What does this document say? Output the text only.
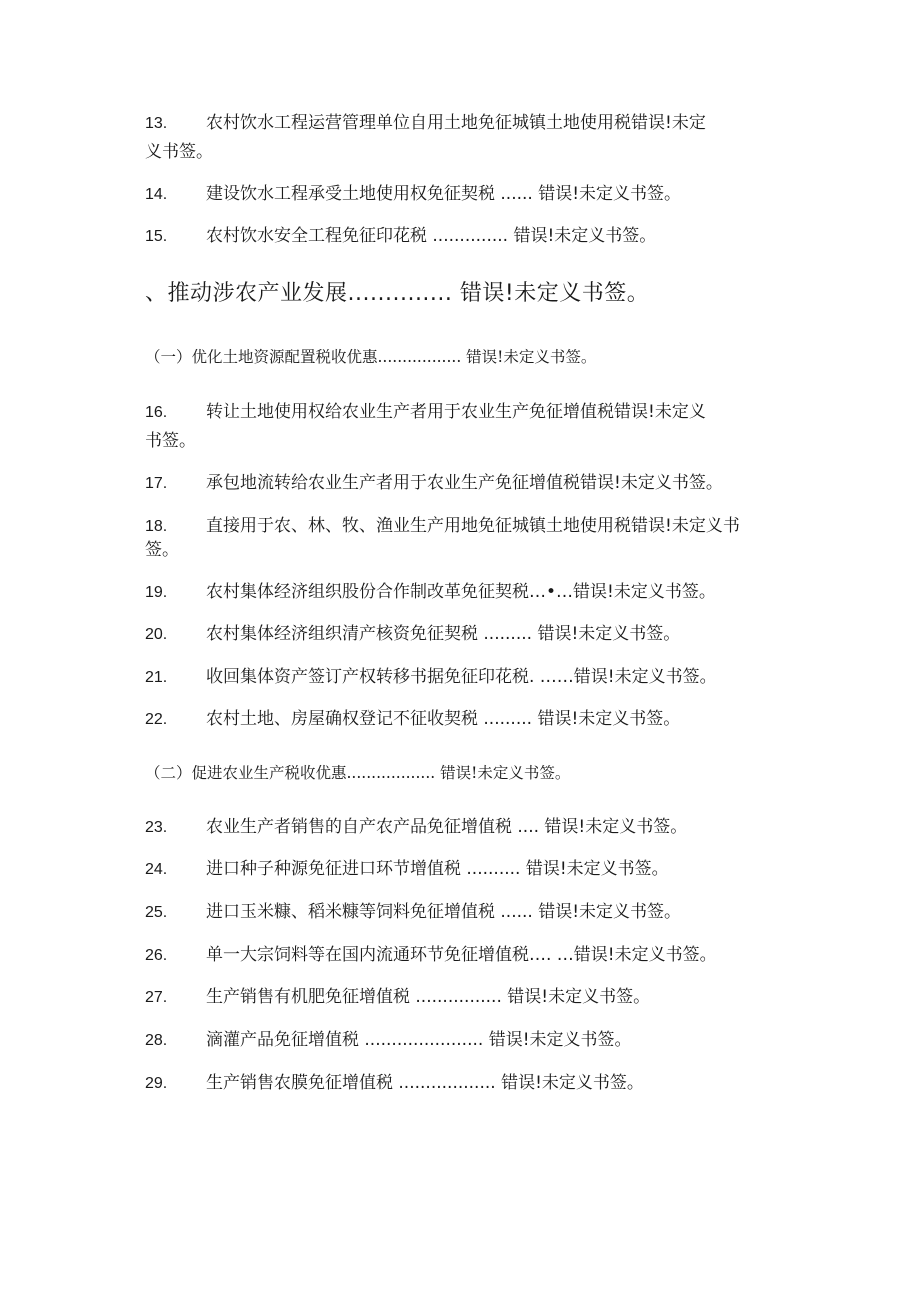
13. 农村饮水工程运营管理单位自用土地免征城镇土地使用税错误!未定
义书签。
14. 建设饮水工程承受土地使用权免征契税 ...... 错误!未定义书签。
15. 农村饮水安全工程免征印花税 .............. 错误!未定义书签。
、推动涉农产业发展.............. 错误!未定义书签。
（一）优化土地资源配置税收优惠................. 错误!未定义书签。
16. 转让土地使用权给农业生产者用于农业生产免征增值税错误!未定义
书签。
17. 承包地流转给农业生产者用于农业生产免征增值税错误!未定义书签。
18. 直接用于农、林、牧、渔业生产用地免征城镇土地使用税错误!未定义书
签。
19. 农村集体经济组织股份合作制改革免征契税…•…错误!未定义书签。
20. 农村集体经济组织清产核资免征契税 ......... 错误!未定义书签。
21. 收回集体资产签订产权转移书据免征印花税. ……错误!未定义书签。
22. 农村土地、房屋确权登记不征收契税 ......... 错误!未定义书签。
（二）促进农业生产税收优惠.................. 错误!未定义书签。
23. 农业生产者销售的自产农产品免征增值税 .... 错误!未定义书签。
24. 进口种子种源免征进口环节增值税 .......... 错误!未定义书签。
25. 进口玉米糠、稻米糠等饲料免征增值税 ...... 错误!未定义书签。
26. 单一大宗饲料等在国内流通环节免征增值税…. …错误!未定义书签。
27. 生产销售有机肥免征增值税 ................ 错误!未定义书签。
28. 滴灌产品免征增值税 ...................... 错误!未定义书签。
29. 生产销售农膜免征增值税 .................. 错误!未定义书签。
